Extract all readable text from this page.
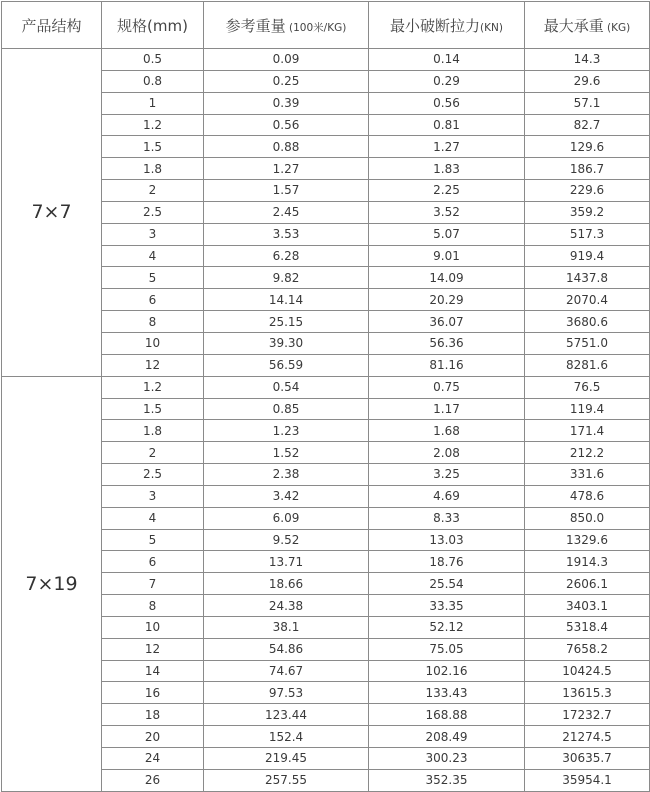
产品结构	规格(mm)	参考重量 (100米/KG)	最小破断拉力(KN)	最大承重 (KG)
7×7	0.5	0.09	0.14	14.3
	0.8	0.25	0.29	29.6
	1	0.39	0.56	57.1
	1.2	0.56	0.81	82.7
	1.5	0.88	1.27	129.6
	1.8	1.27	1.83	186.7
	2	1.57	2.25	229.6
	2.5	2.45	3.52	359.2
	3	3.53	5.07	517.3
	4	6.28	9.01	919.4
	5	9.82	14.09	1437.8
	6	14.14	20.29	2070.4
	8	25.15	36.07	3680.6
	10	39.30	56.36	5751.0
	12	56.59	81.16	8281.6
7×19	1.2	0.54	0.75	76.5
	1.5	0.85	1.17	119.4
	1.8	1.23	1.68	171.4
	2	1.52	2.08	212.2
	2.5	2.38	3.25	331.6
	3	3.42	4.69	478.6
	4	6.09	8.33	850.0
	5	9.52	13.03	1329.6
	6	13.71	18.76	1914.3
	7	18.66	25.54	2606.1
	8	24.38	33.35	3403.1
	10	38.1	52.12	5318.4
	12	54.86	75.05	7658.2
	14	74.67	102.16	10424.5
	16	97.53	133.43	13615.3
	18	123.44	168.88	17232.7
	20	152.4	208.49	21274.5
	24	219.45	300.23	30635.7
	26	257.55	352.35	35954.1
